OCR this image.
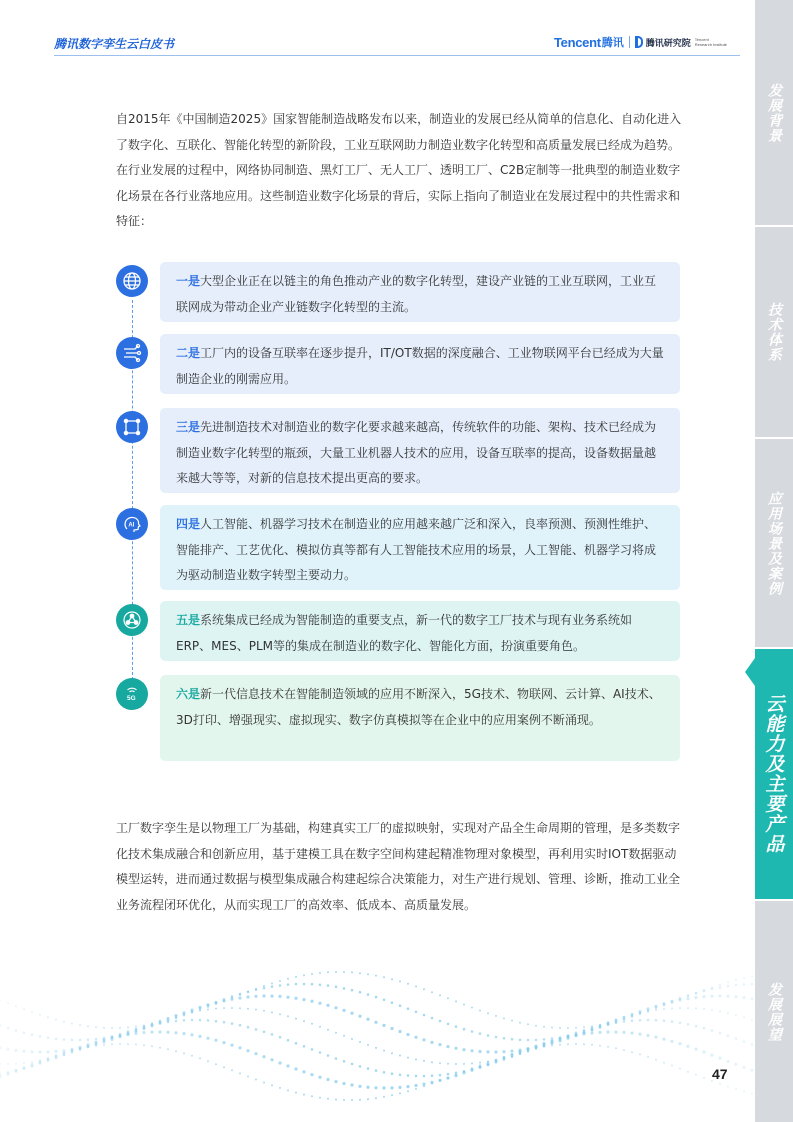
腾讯数字孪生云白皮书	Tencent 腾讯 腾讯研究院 Tencent
Research Institute

自2015年《中国制造2025》国家智能制造战略发布以来，制造业的发展已经从简单的信息化、自动化进入了数字化、互联化、智能化转型的新阶段，工业互联网助力制造业数字化转型和高质量发展已经成为趋势。在行业发展的过程中，网络协同制造、黑灯工厂、无人工厂、透明工厂、C2B定制等一批典型的制造业数字化场景在各行业落地应用。这些制造业数字化场景的背后，实际上指向了制造业在发展过程中的共性需求和特征：

一是大型企业正在以链主的角色推动产业的数字化转型，建设产业链的工业互联网，工业互联网成为带动企业产业链数字化转型的主流。
二是工厂内的设备互联率在逐步提升，IT/OT数据的深度融合、工业物联网平台已经成为大量制造企业的刚需应用。
三是先进制造技术对制造业的数字化要求越来越高，传统软件的功能、架构、技术已经成为制造业数字化转型的瓶颈，大量工业机器人技术的应用，设备互联率的提高，设备数据量越来越大等等，对新的信息技术提出更高的要求。
AI	四是人工智能、机器学习技术在制造业的应用越来越广泛和深入，良率预测、预测性维护、智能排产、工艺优化、模拟仿真等都有人工智能技术应用的场景，人工智能、机器学习将成为驱动制造业数字转型主要动力。
五是系统集成已经成为智能制造的重要支点，新一代的数字工厂技术与现有业务系统如ERP、MES、PLM等的集成在制造业的数字化、智能化方面，扮演重要角色。
5G	六是新一代信息技术在智能制造领域的应用不断深入，5G技术、物联网、云计算、AI技术、3D打印、增强现实、虚拟现实、数字仿真模拟等在企业中的应用案例不断涌现。

工厂数字孪生是以物理工厂为基础，构建真实工厂的虚拟映射，实现对产品全生命周期的管理，是多类数字化技术集成融合和创新应用，基于建模工具在数字空间构建起精准物理对象模型，再利用实时IOT数据驱动模型运转，进而通过数据与模型集成融合构建起综合决策能力，对生产进行规划、管理、诊断，推动工业全业务流程闭环优化，从而实现工厂的高效率、低成本、高质量发展。

发展背景
技术体系
应用场景及案例
云能力及主要产品
发展展望
47
